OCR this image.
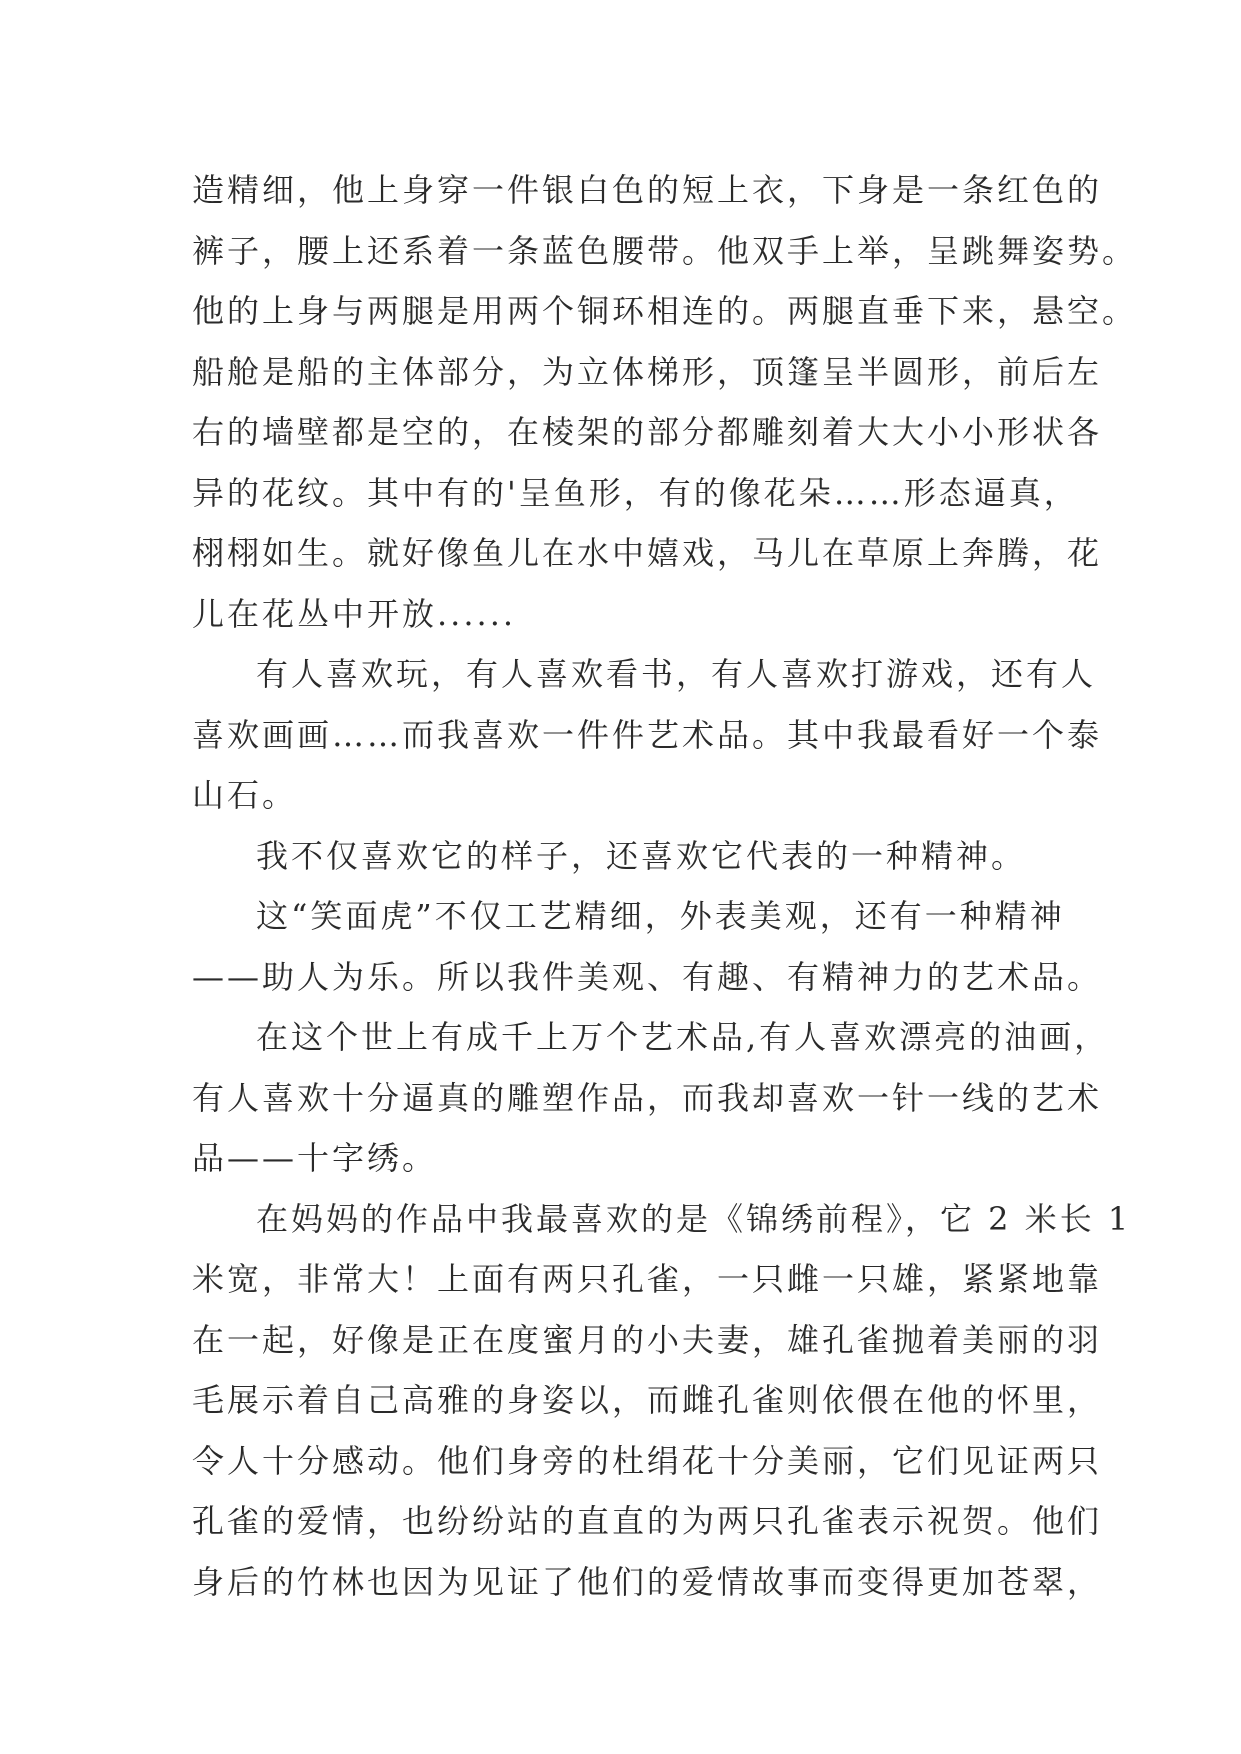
造精细，他上身穿一件银白色的短上衣，下身是一条红色的
裤子，腰上还系着一条蓝色腰带。他双手上举，呈跳舞姿势。
他的上身与两腿是用两个铜环相连的。两腿直垂下来，悬空。
船舱是船的主体部分，为立体梯形，顶篷呈半圆形，前后左
右的墙壁都是空的，在棱架的部分都雕刻着大大小小形状各
异的花纹。其中有的'呈鱼形，有的像花朵……形态逼真，
栩栩如生。就好像鱼儿在水中嬉戏，马儿在草原上奔腾，花
儿在花丛中开放......
有人喜欢玩，有人喜欢看书，有人喜欢打游戏，还有人
喜欢画画……而我喜欢一件件艺术品。其中我最看好一个泰
山石。
我不仅喜欢它的样子，还喜欢它代表的一种精神。
这“笑面虎”不仅工艺精细，外表美观，还有一种精神
——助人为乐。所以我件美观、有趣、有精神力的艺术品。
在这个世上有成千上万个艺术品,有人喜欢漂亮的油画，
有人喜欢十分逼真的雕塑作品，而我却喜欢一针一线的艺术
品——十字绣。
在妈妈的作品中我最喜欢的是《锦绣前程》，它 2 米长 1
米宽，非常大！上面有两只孔雀，一只雌一只雄，紧紧地靠
在一起，好像是正在度蜜月的小夫妻，雄孔雀抛着美丽的羽
毛展示着自己高雅的身姿以，而雌孔雀则依偎在他的怀里，
令人十分感动。他们身旁的杜绢花十分美丽，它们见证两只
孔雀的爱情，也纷纷站的直直的为两只孔雀表示祝贺。他们
身后的竹林也因为见证了他们的爱情故事而变得更加苍翠，
